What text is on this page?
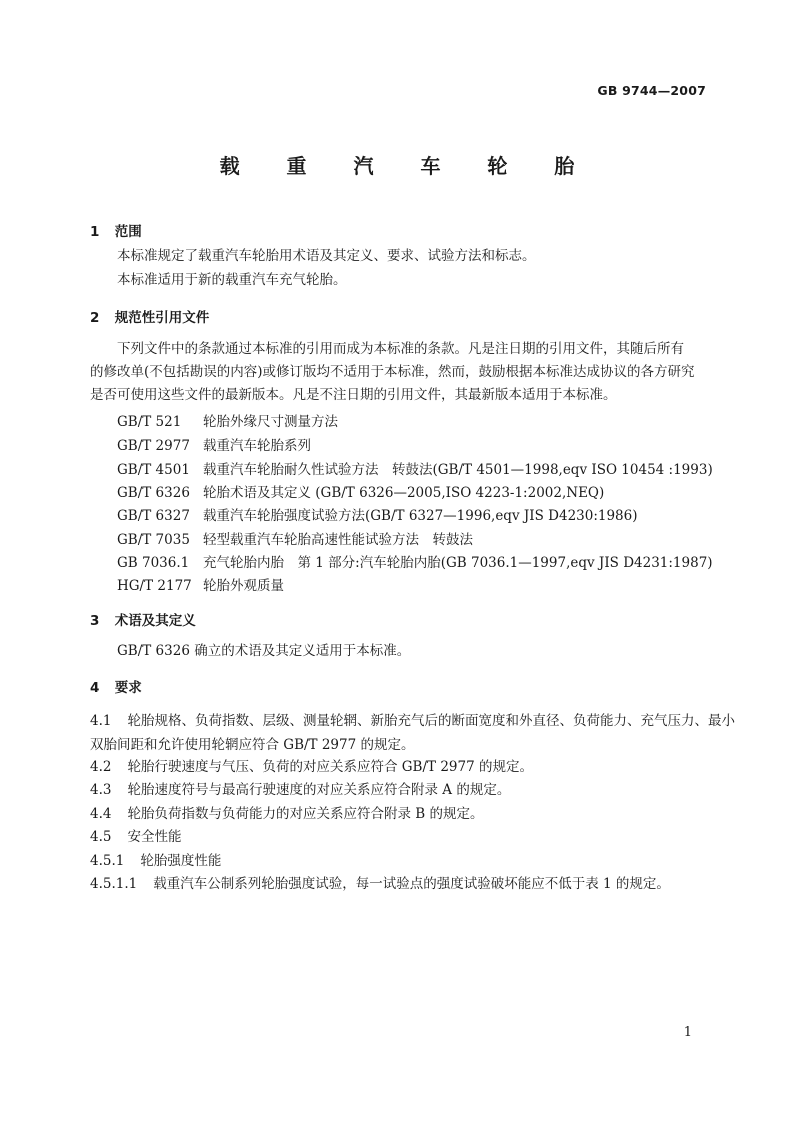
GB 9744—2007
载 重 汽 车 轮 胎
1 范围
本标准规定了载重汽车轮胎用术语及其定义、要求、试验方法和标志。
本标准适用于新的载重汽车充气轮胎。
2 规范性引用文件
下列文件中的条款通过本标准的引用而成为本标准的条款。凡是注日期的引用文件，其随后所有
的修改单(不包括勘误的内容)或修订版均不适用于本标准，然而，鼓励根据本标准达成协议的各方研究
是否可使用这些文件的最新版本。凡是不注日期的引用文件，其最新版本适用于本标准。
GB/T 521 轮胎外缘尺寸测量方法
GB/T 2977 载重汽车轮胎系列
GB/T 4501 载重汽车轮胎耐久性试验方法　转鼓法(GB/T 4501—1998,eqv ISO 10454 :1993)
GB/T 6326 轮胎术语及其定义 (GB/T 6326—2005,ISO 4223-1:2002,NEQ)
GB/T 6327 载重汽车轮胎强度试验方法(GB/T 6327—1996,eqv JIS D4230:1986)
GB/T 7035 轻型载重汽车轮胎高速性能试验方法　转鼓法
GB 7036.1 充气轮胎内胎　第 1 部分:汽车轮胎内胎(GB 7036.1—1997,eqv JIS D4231:1987)
HG/T 2177 轮胎外观质量
3 术语及其定义
GB/T 6326 确立的术语及其定义适用于本标准。
4 要求
4.1 轮胎规格、负荷指数、层级、测量轮辋、新胎充气后的断面宽度和外直径、负荷能力、充气压力、最小
双胎间距和允许使用轮辋应符合 GB/T 2977 的规定。
4.2 轮胎行驶速度与气压、负荷的对应关系应符合 GB/T 2977 的规定。
4.3 轮胎速度符号与最高行驶速度的对应关系应符合附录 A 的规定。
4.4 轮胎负荷指数与负荷能力的对应关系应符合附录 B 的规定。
4.5 安全性能
4.5.1 轮胎强度性能
4.5.1.1 载重汽车公制系列轮胎强度试验，每一试验点的强度试验破坏能应不低于表 1 的规定。
1
